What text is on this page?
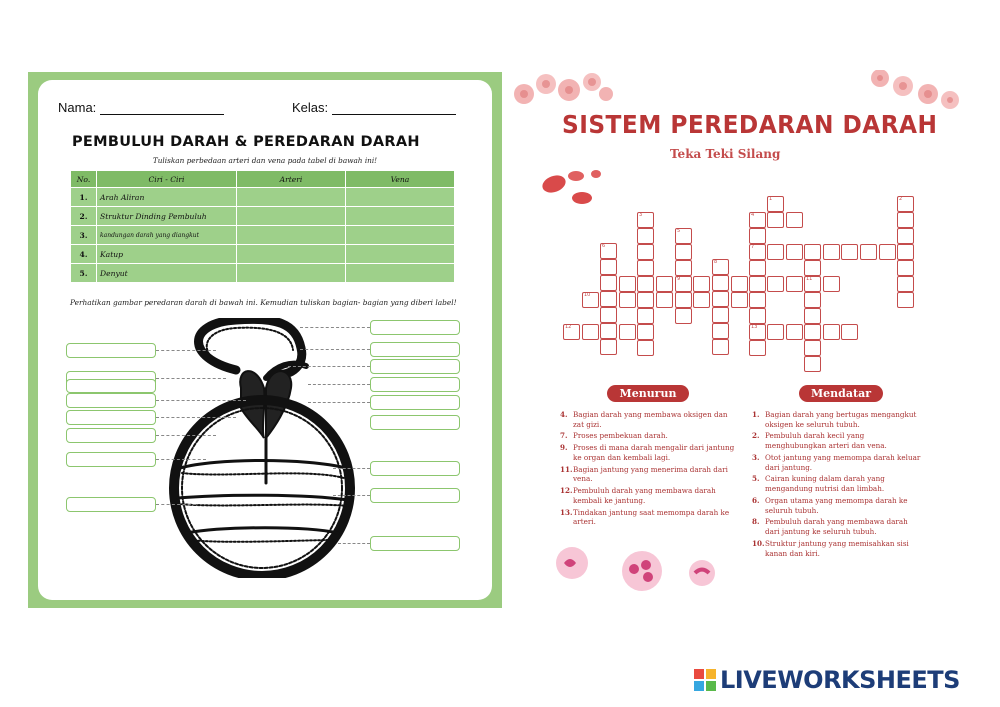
Nama:	Kelas:
PEMBULUH DARAH & PEREDARAN DARAH
Tuliskan perbedaan arteri dan vena pada tabel di bawah ini!
No.	Ciri - Ciri	Arteri	Vena
1.	Arah Aliran		
2.	Struktur Dinding Pembuluh		
3.	kandungan darah yang diangkut		
4.	Katup		
5.	Denyut		
Perhatikan gambar peredaran darah di bawah ini. Kemudian tuliskan bagian- bagian yang diberi label!
SISTEM PEREDARAN DARAH
Teka Teki Silang
6
3
5
9
8
4
7
13
1
11
2
10
12
Menurun	Mendatar
4. Bagian darah yang membawa oksigen dan zat gizi.
7. Proses pembekuan darah.
9. Proses di mana darah mengalir dari jantung ke organ dan kembali lagi.
11. Bagian jantung yang menerima darah dari vena.
12. Pembuluh darah yang membawa darah kembali ke jantung.
13. Tindakan jantung saat memompa darah ke arteri.
1. Bagian darah yang bertugas mengangkut oksigen ke seluruh tubuh.
2. Pembuluh darah kecil yang menghubungkan arteri dan vena.
3. Otot jantung yang memompa darah keluar dari jantung.
5. Cairan kuning dalam darah yang mengandung nutrisi dan limbah.
6. Organ utama yang memompa darah ke seluruh tubuh.
8. Pembuluh darah yang membawa darah dari jantung ke seluruh tubuh.
10. Struktur jantung yang memisahkan sisi kanan dan kiri.
LIVEWORKSHEETS
